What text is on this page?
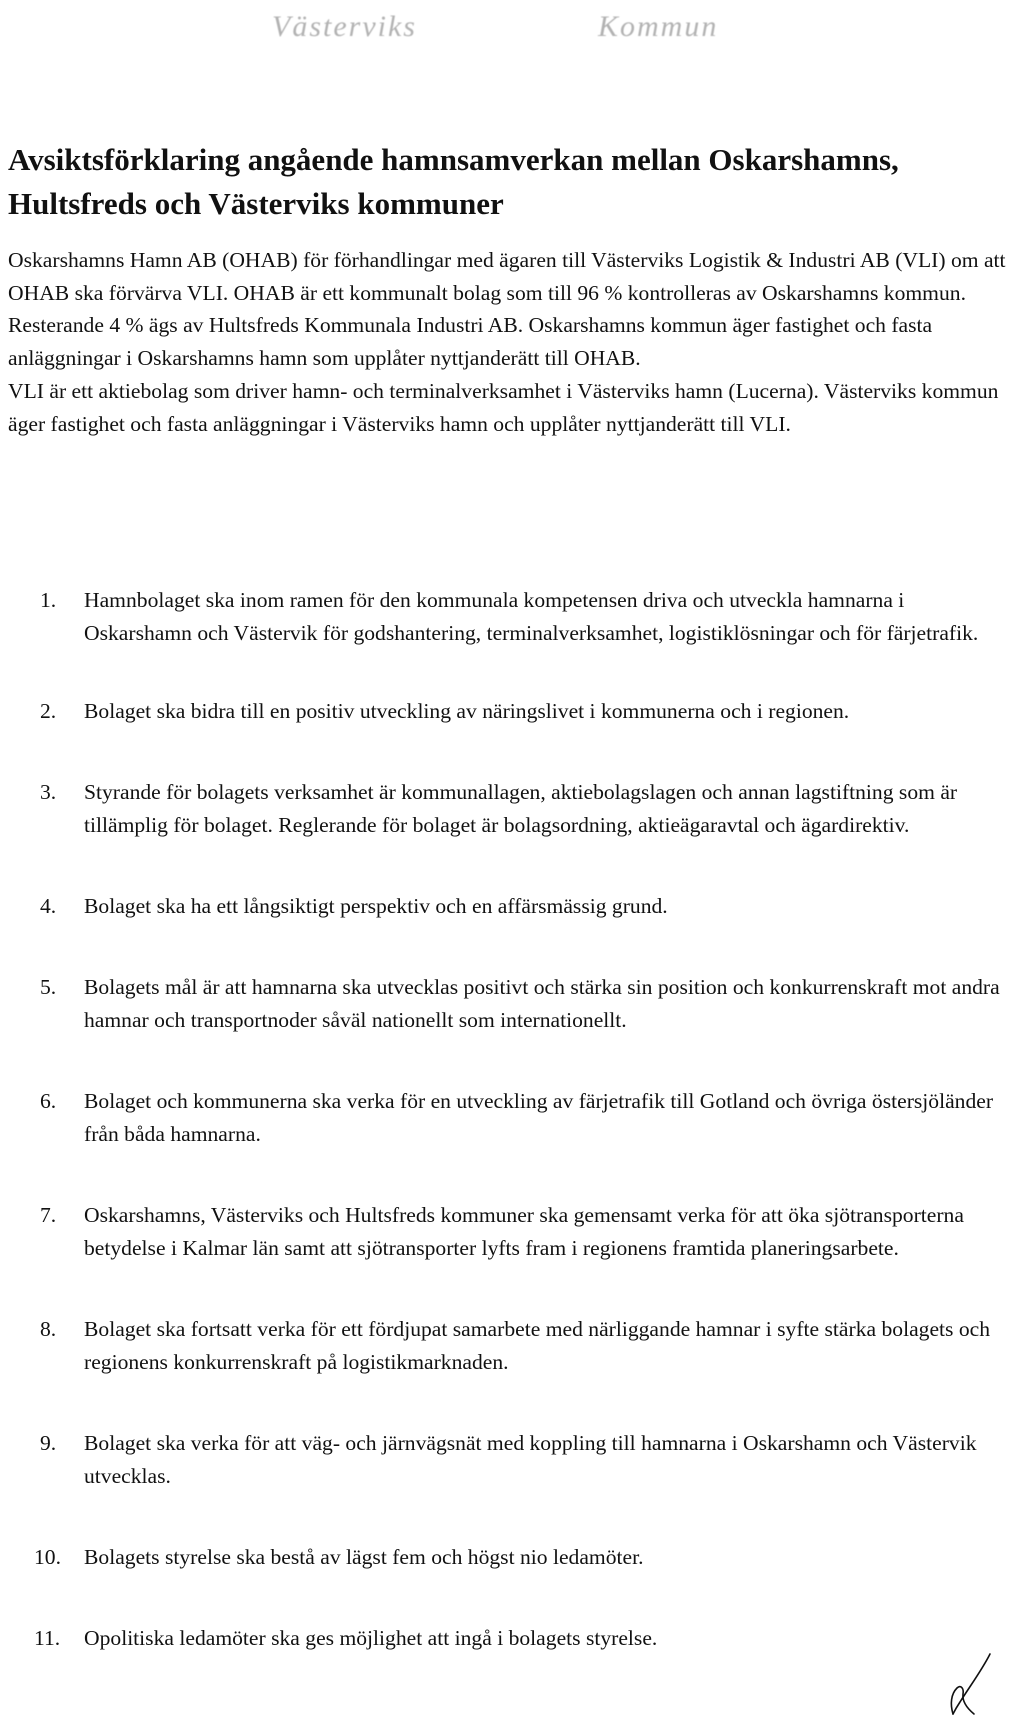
Västerviks	Kommun
Avsiktsförklaring angående hamnsamverkan mellan Oskarshamns, Hultsfreds och Västerviks kommuner

Oskarshamns Hamn AB (OHAB) för förhandlingar med ägaren till Västerviks Logistik & Industri AB (VLI) om att OHAB ska förvärva VLI. OHAB är ett kommunalt bolag som till 96 % kontrolleras av Oskarshamns kommun. Resterande 4 % ägs av Hultsfreds Kommunala Industri AB. Oskarshamns kommun äger fastighet och fasta anläggningar i Oskarshamns hamn som upplåter nyttjanderätt till OHAB.

VLI är ett aktiebolag som driver hamn- och terminalverksamhet i Västerviks hamn (Lucerna). Västerviks kommun äger fastighet och fasta anläggningar i Västerviks hamn och upplåter nyttjanderätt till VLI.

1.	Hamnbolaget ska inom ramen för den kommunala kompetensen driva och utveckla hamnarna i Oskarshamn och Västervik för godshantering, terminalverksamhet, logistiklösningar och för färjetrafik.
2.	Bolaget ska bidra till en positiv utveckling av näringslivet i kommunerna och i regionen.
3.	Styrande för bolagets verksamhet är kommunallagen, aktiebolagslagen och annan lagstiftning som är tillämplig för bolaget. Reglerande för bolaget är bolagsordning, aktieägaravtal och ägardirektiv.
4.	Bolaget ska ha ett långsiktigt perspektiv och en affärsmässig grund.
5.	Bolagets mål är att hamnarna ska utvecklas positivt och stärka sin position och konkurrenskraft mot andra hamnar och transportnoder såväl nationellt som internationellt.
6.	Bolaget och kommunerna ska verka för en utveckling av färjetrafik till Gotland och övriga östersjöländer från båda hamnarna.
7.	Oskarshamns, Västerviks och Hultsfreds kommuner ska gemensamt verka för att öka sjötransporterna betydelse i Kalmar län samt att sjötransporter lyfts fram i regionens framtida planeringsarbete.
8.	Bolaget ska fortsatt verka för ett fördjupat samarbete med närliggande hamnar i syfte stärka bolagets och regionens konkurrenskraft på logistikmarknaden.
9.	Bolaget ska verka för att väg- och järnvägsnät med koppling till hamnarna i Oskarshamn och Västervik utvecklas.
10.	Bolagets styrelse ska bestå av lägst fem och högst nio ledamöter.
11.	Opolitiska ledamöter ska ges möjlighet att ingå i bolagets styrelse.
